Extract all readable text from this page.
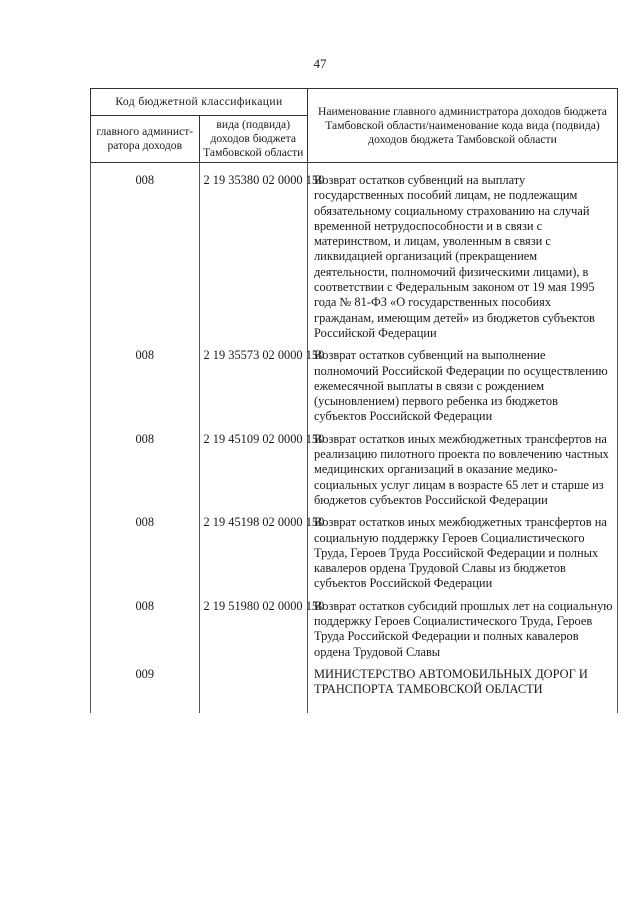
47
Код бюджетной классификации		Наименование главного администратора доходов бюджета Тамбовской области/наименование кода вида (подвида) доходов бюджета Тамбовской области
главного админист-ратора доходов	вида (подвида) доходов бюджета Тамбовской области	
008	2 19 35380 02 0000 150	Возврат остатков субвенций на выплату государственных пособий лицам, не подлежащим обязательному социальному страхованию на случай временной нетрудоспособности и в связи с материнством, и лицам, уволенным в связи с ликвидацией организаций (прекращением деятельности, полномочий физическими лицами), в соответствии с Федеральным законом от 19 мая 1995 года № 81-ФЗ «О государственных пособиях гражданам, имеющим детей» из бюджетов субъектов Российской Федерации
008	2 19 35573 02 0000 150	Возврат остатков субвенций на выполнение полномочий Российской Федерации по осуществлению ежемесячной выплаты в связи с рождением (усыновлением) первого ребенка из бюджетов субъектов Российской Федерации
008	2 19 45109 02 0000 150	Возврат остатков иных межбюджетных трансфертов на реализацию пилотного проекта по вовлечению частных медицинских организаций в оказание медико-социальных услуг лицам в возрасте 65 лет и старше из бюджетов субъектов Российской Федерации
008	2 19 45198 02 0000 150	Возврат остатков иных межбюджетных трансфертов на социальную поддержку Героев Социалистического Труда, Героев Труда Российской Федерации и полных кавалеров ордена Трудовой Славы из бюджетов субъектов Российской Федерации
008	2 19 51980 02 0000 150	Возврат остатков субсидий прошлых лет на социальную поддержку Героев Социалистического Труда, Героев Труда Российской Федерации и полных кавалеров ордена Трудовой Славы
009		МИНИСТЕРСТВО АВТОМОБИЛЬНЫХ ДОРОГ И ТРАНСПОРТА ТАМБОВСКОЙ ОБЛАСТИ
